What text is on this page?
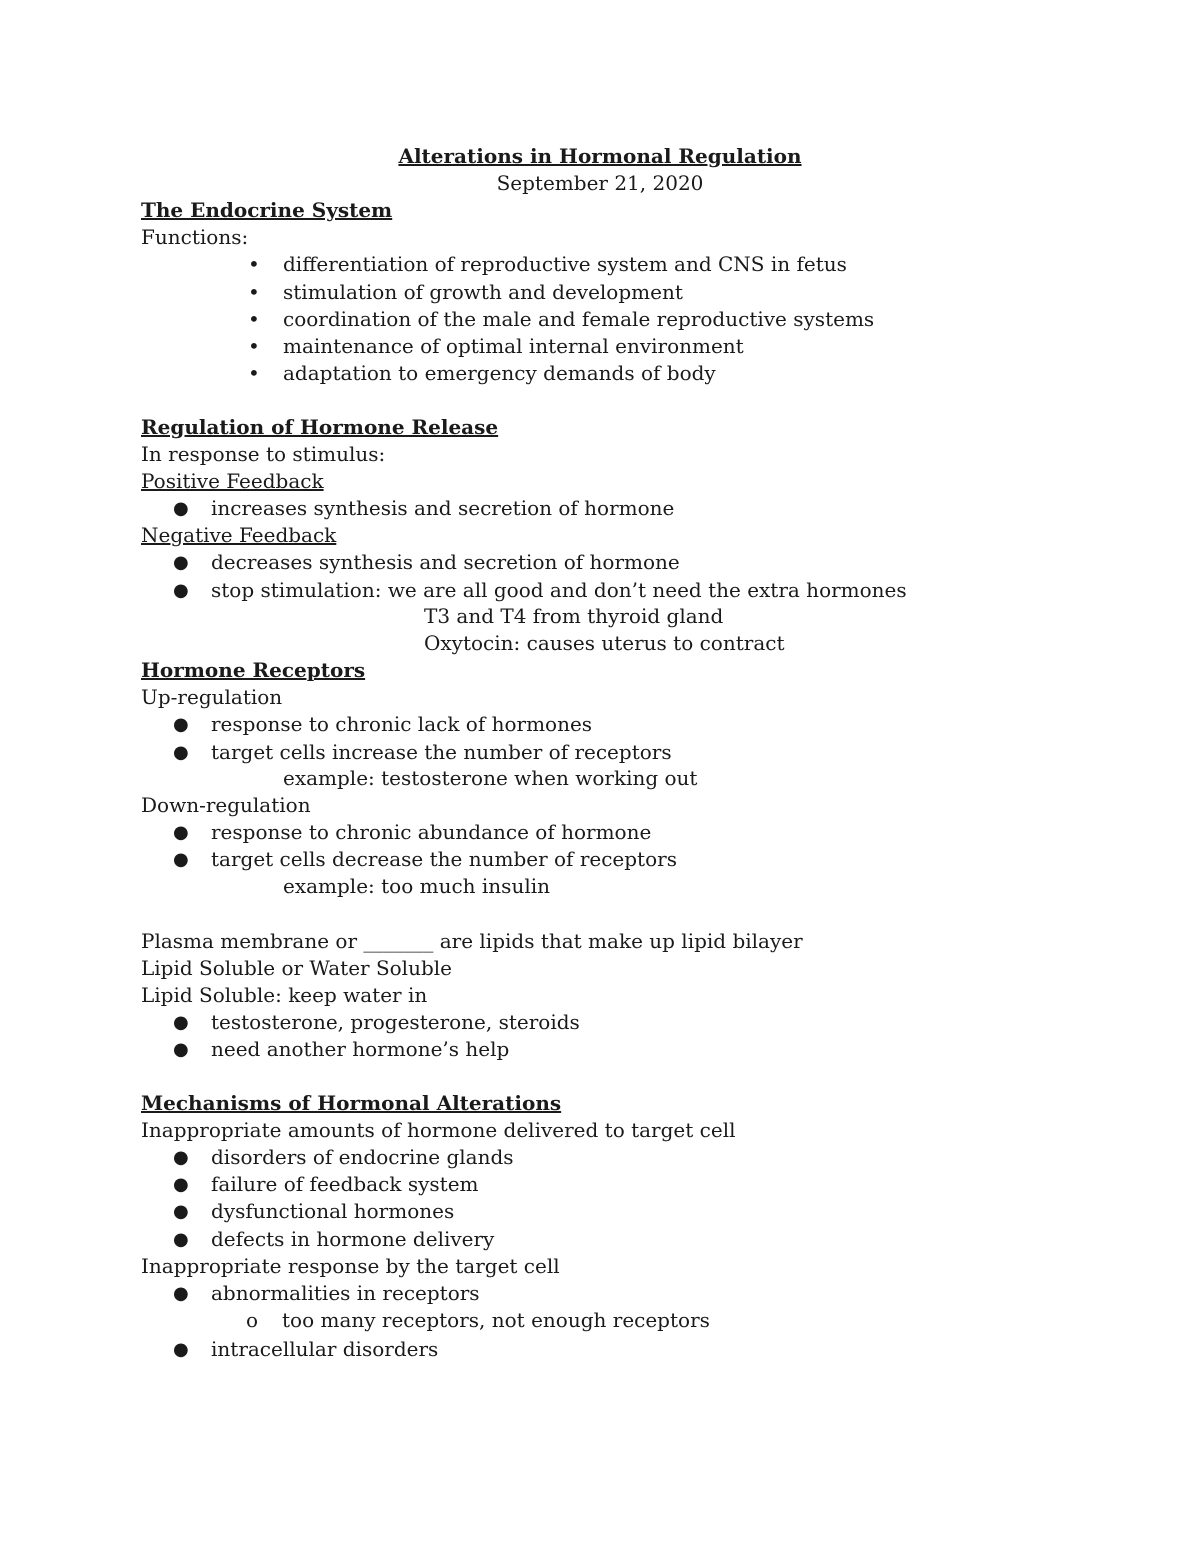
Alterations in Hormonal Regulation
September 21, 2020
The Endocrine System
Functions:
• differentiation of reproductive system and CNS in fetus
• stimulation of growth and development
• coordination of the male and female reproductive systems
• maintenance of optimal internal environment
• adaptation to emergency demands of body
Regulation of Hormone Release
In response to stimulus:
Positive Feedback
● increases synthesis and secretion of hormone
Negative Feedback
● decreases synthesis and secretion of hormone
● stop stimulation: we are all good and don’t need the extra hormones
T3 and T4 from thyroid gland
Oxytocin: causes uterus to contract
Hormone Receptors
Up-regulation
● response to chronic lack of hormones
● target cells increase the number of receptors
example: testosterone when working out
Down-regulation
● response to chronic abundance of hormone
● target cells decrease the number of receptors
example: too much insulin
Plasma membrane or _______ are lipids that make up lipid bilayer
Lipid Soluble or Water Soluble
Lipid Soluble: keep water in
● testosterone, progesterone, steroids
● need another hormone’s help
Mechanisms of Hormonal Alterations
Inappropriate amounts of hormone delivered to target cell
● disorders of endocrine glands
● failure of feedback system
● dysfunctional hormones
● defects in hormone delivery
Inappropriate response by the target cell
● abnormalities in receptors
o too many receptors, not enough receptors
● intracellular disorders
